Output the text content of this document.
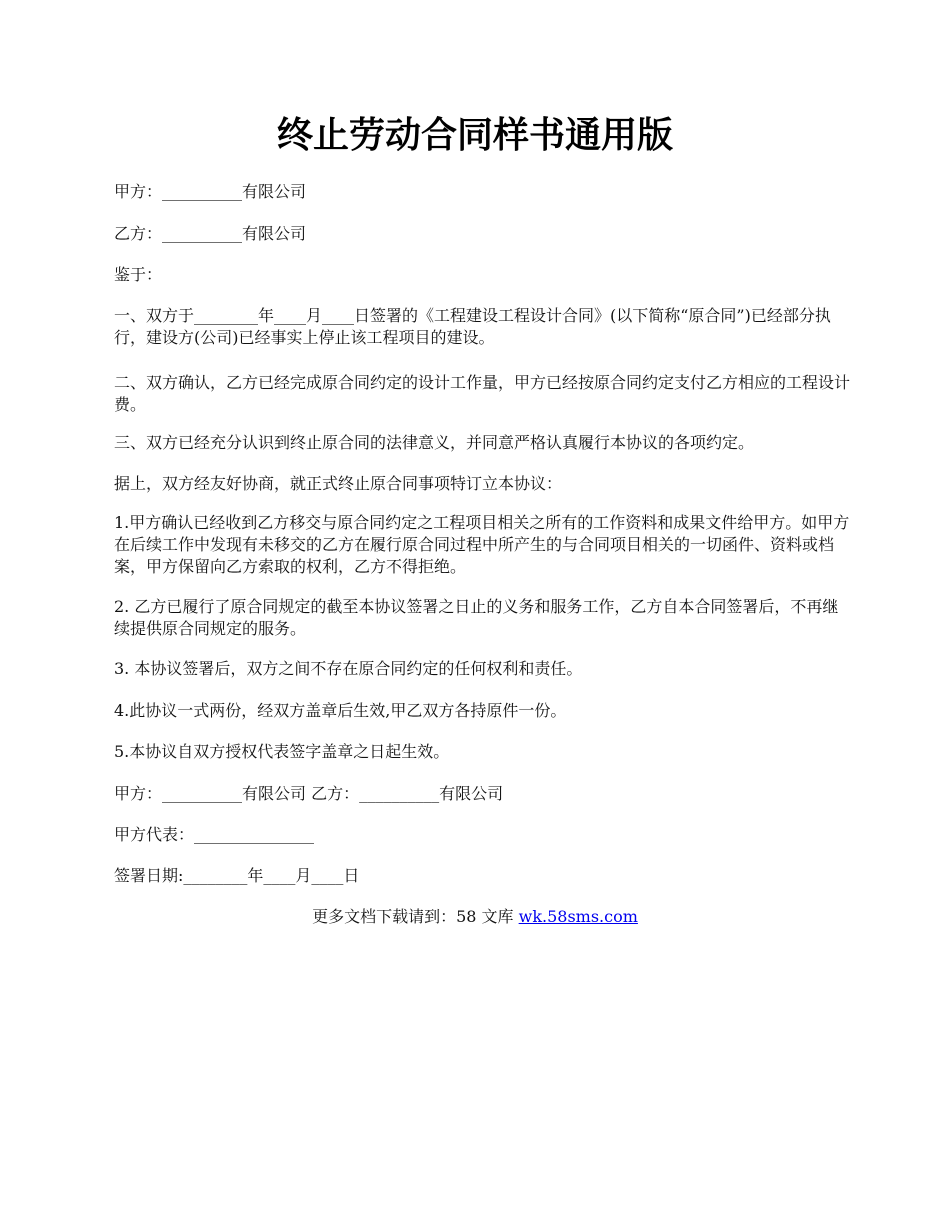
终止劳动合同样书通用版

甲方：__________有限公司

乙方：__________有限公司

鉴于：

一、双方于________年____月____日签署的《工程建设工程设计合同》(以下简称“原合同”)已经部分执行，建设方(公司)已经事实上停止该工程项目的建设。

二、双方确认，乙方已经完成原合同约定的设计工作量，甲方已经按原合同约定支付乙方相应的工程设计费。

三、双方已经充分认识到终止原合同的法律意义，并同意严格认真履行本协议的各项约定。

据上，双方经友好协商，就正式终止原合同事项特订立本协议：

1.甲方确认已经收到乙方移交与原合同约定之工程项目相关之所有的工作资料和成果文件给甲方。如甲方在后续工作中发现有未移交的乙方在履行原合同过程中所产生的与合同项目相关的一切函件、资料或档案，甲方保留向乙方索取的权利，乙方不得拒绝。

2. 乙方已履行了原合同规定的截至本协议签署之日止的义务和服务工作，乙方自本合同签署后，不再继续提供原合同规定的服务。

3. 本协议签署后，双方之间不存在原合同约定的任何权利和责任。

4.此协议一式两份，经双方盖章后生效,甲乙双方各持原件一份。

5.本协议自双方授权代表签字盖章之日起生效。

甲方：__________有限公司 乙方：__________有限公司

甲方代表：_______________

签署日期:________年____月____日

更多文档下载请到：58 文库 wk.58sms.com
